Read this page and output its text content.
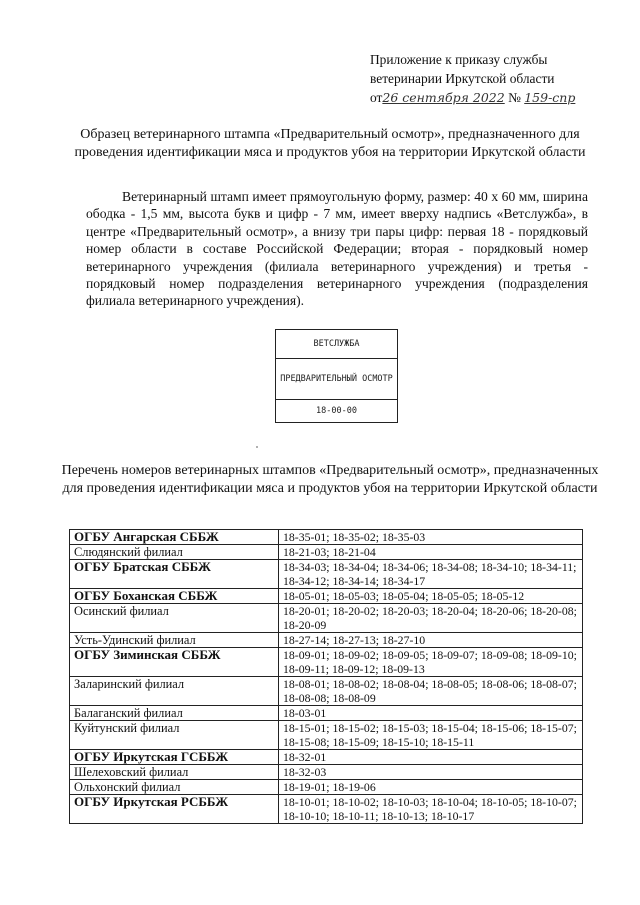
Приложение к приказу службы
ветеринарии Иркутской области
от26 сентября 2022 № 159-спр
Образец ветеринарного штампа «Предварительный осмотр», предназначенного для проведения идентификации мяса и продуктов убоя на территории Иркутской области
Ветеринарный штамп имеет прямоугольную форму, размер: 40 х 60 мм, ширина ободка - 1,5 мм, высота букв и цифр - 7 мм, имеет вверху надпись «Ветслужба», в центре «Предварительный осмотр», а внизу три пары цифр: первая 18 - порядковый номер области в составе Российской Федерации; вторая - порядковый номер ветеринарного учреждения (филиала ветеринарного учреждения) и третья - порядковый номер подразделения ветеринарного учреждения (подразделения филиала ветеринарного учреждения).
ВЕТСЛУЖБА
ПРЕДВАРИТЕЛЬНЫЙ ОСМОТР
18-00-00
Перечень номеров ветеринарных штампов «Предварительный осмотр», предназначенных для проведения идентификации мяса и продуктов убоя на территории Иркутской области
ОГБУ Ангарская СББЖ	18-35-01; 18-35-02; 18-35-03
Слюдянский филиал	18-21-03; 18-21-04
ОГБУ Братская СББЖ	18-34-03; 18-34-04; 18-34-06; 18-34-08; 18-34-10; 18-34-11; 18-34-12; 18-34-14; 18-34-17
ОГБУ Боханская СББЖ	18-05-01; 18-05-03; 18-05-04; 18-05-05; 18-05-12
Осинский филиал	18-20-01; 18-20-02; 18-20-03; 18-20-04; 18-20-06; 18-20-08; 18-20-09
Усть-Удинский филиал	18-27-14; 18-27-13; 18-27-10
ОГБУ Зиминская СББЖ	18-09-01; 18-09-02; 18-09-05; 18-09-07; 18-09-08; 18-09-10; 18-09-11; 18-09-12; 18-09-13
Заларинский филиал	18-08-01; 18-08-02; 18-08-04; 18-08-05; 18-08-06; 18-08-07; 18-08-08; 18-08-09
Балаганский филиал	18-03-01
Куйтунский филиал	18-15-01; 18-15-02; 18-15-03; 18-15-04; 18-15-06; 18-15-07; 18-15-08; 18-15-09; 18-15-10; 18-15-11
ОГБУ Иркутская ГСББЖ	18-32-01
Шелеховский филиал	18-32-03
Ольхонский филиал	18-19-01; 18-19-06
ОГБУ Иркутская РСББЖ	18-10-01; 18-10-02; 18-10-03; 18-10-04; 18-10-05; 18-10-07; 18-10-10; 18-10-11; 18-10-13; 18-10-17
